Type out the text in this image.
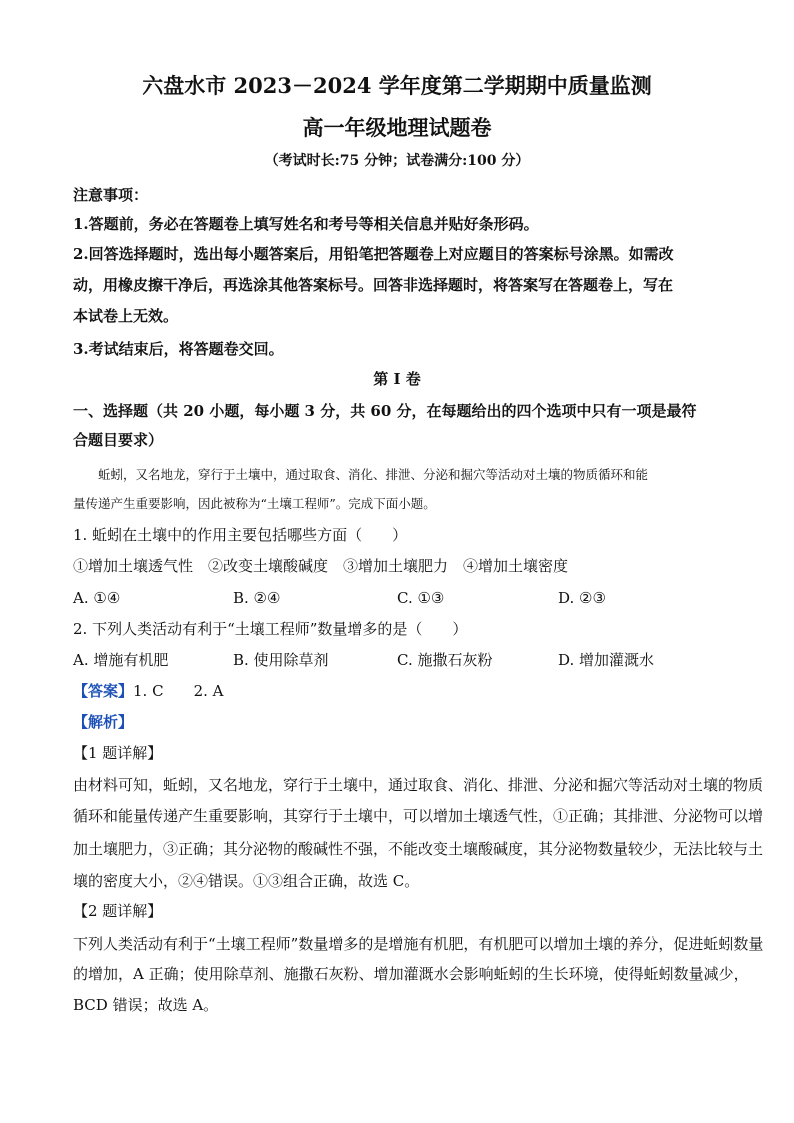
六盘水市 2023－2024 学年度第二学期期中质量监测
高一年级地理试题卷
（考试时长:75 分钟；试卷满分:100 分）
注意事项：
1.答题前，务必在答题卷上填写姓名和考号等相关信息并贴好条形码。
2.回答选择题时，选出每小题答案后，用铅笔把答题卷上对应题目的答案标号涂黑。如需改
动，用橡皮擦干净后，再选涂其他答案标号。回答非选择题时，将答案写在答题卷上，写在
本试卷上无效。
3.考试结束后，将答题卷交回。
第 I 卷
一、选择题（共 20 小题，每小题 3 分，共 60 分，在每题给出的四个选项中只有一项是最符
合题目要求）
蚯蚓，又名地龙，穿行于土壤中，通过取食、消化、排泄、分泌和掘穴等活动对土壤的物质循环和能
量传递产生重要影响，因此被称为“土壤工程师”。完成下面小题。
1. 蚯蚓在土壤中的作用主要包括哪些方面（　　）
①增加土壤透气性　②改变土壤酸碱度　③增加土壤肥力　④增加土壤密度
A. ①④	B. ②④	C. ①③	D. ②③
2. 下列人类活动有利于“土壤工程师”数量增多的是（　　）
A. 增施有机肥	B. 使用除草剂	C. 施撒石灰粉	D. 增加灌溉水
【答案】1. C　　2. A
【解析】
【1 题详解】
由材料可知，蚯蚓，又名地龙，穿行于土壤中，通过取食、消化、排泄、分泌和掘穴等活动对土壤的物质
循环和能量传递产生重要影响，其穿行于土壤中，可以增加土壤透气性，①正确；其排泄、分泌物可以增
加土壤肥力，③正确；其分泌物的酸碱性不强，不能改变土壤酸碱度，其分泌物数量较少，无法比较与土
壤的密度大小，②④错误。①③组合正确，故选 C。
【2 题详解】
下列人类活动有利于“土壤工程师”数量增多的是增施有机肥，有机肥可以增加土壤的养分，促进蚯蚓数量
的增加，A 正确；使用除草剂、施撒石灰粉、增加灌溉水会影响蚯蚓的生长环境，使得蚯蚓数量减少，
BCD 错误；故选 A。
